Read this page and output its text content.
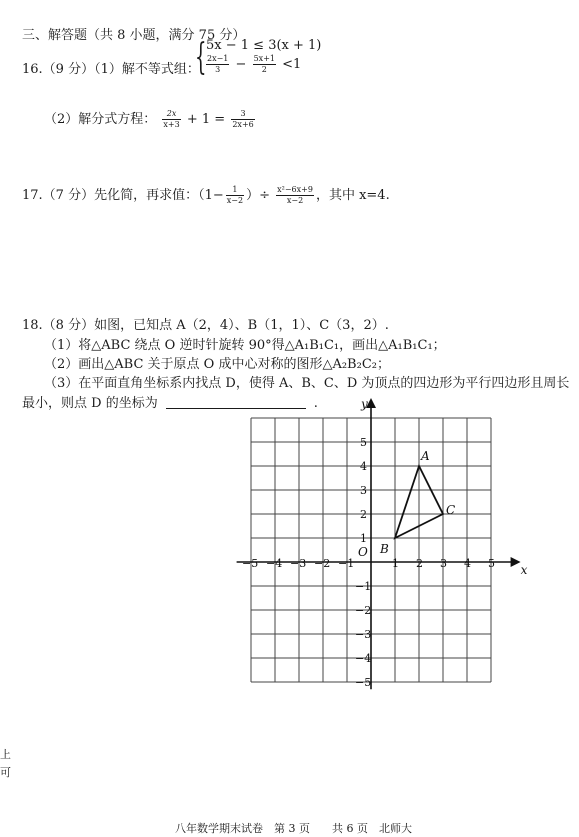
三、解答题（共 8 小题，满分 75 分）
16.（9 分）（1）解不等式组：
{ 5x − 1 ≤ 3(x + 1)
$\frac{2x-1}{3} - \frac{5x+1}{2} <1$
（2）解分式方程： $\frac{2x}{x+3} + 1 = \frac{3}{2x+6}$
17.（7 分）先化简，再求值：（$1- \frac{1}{x-2}$ ）÷ $\frac{\text{x²−6x+9}}{x-2}$ ，其中 x=4.
18.（8 分）如图，已知点 A（2，4）、B（1，1）、C（3，2）.
（1）将△ABC 绕点 O 逆时针旋转 90°得△A₁B₁C₁，画出△A₁B₁C₁；
（2）画出△ABC 关于原点 O 成中心对称的图形△A₂B₂C₂；
（3）在平面直角坐标系内找点 D，使得 A、B、C、D 为顶点的四边形为平行四边形且周长
最小，则点 D 的坐标为	.
−5 −4 −3 −2 −1	1 2 3 4 5
5
4
3
2
1
−1
−2
−3
−4
−5
x
y
O
A
B
C
上
可
八年数学期末试卷　第 3 页　　共 6 页　北师大
